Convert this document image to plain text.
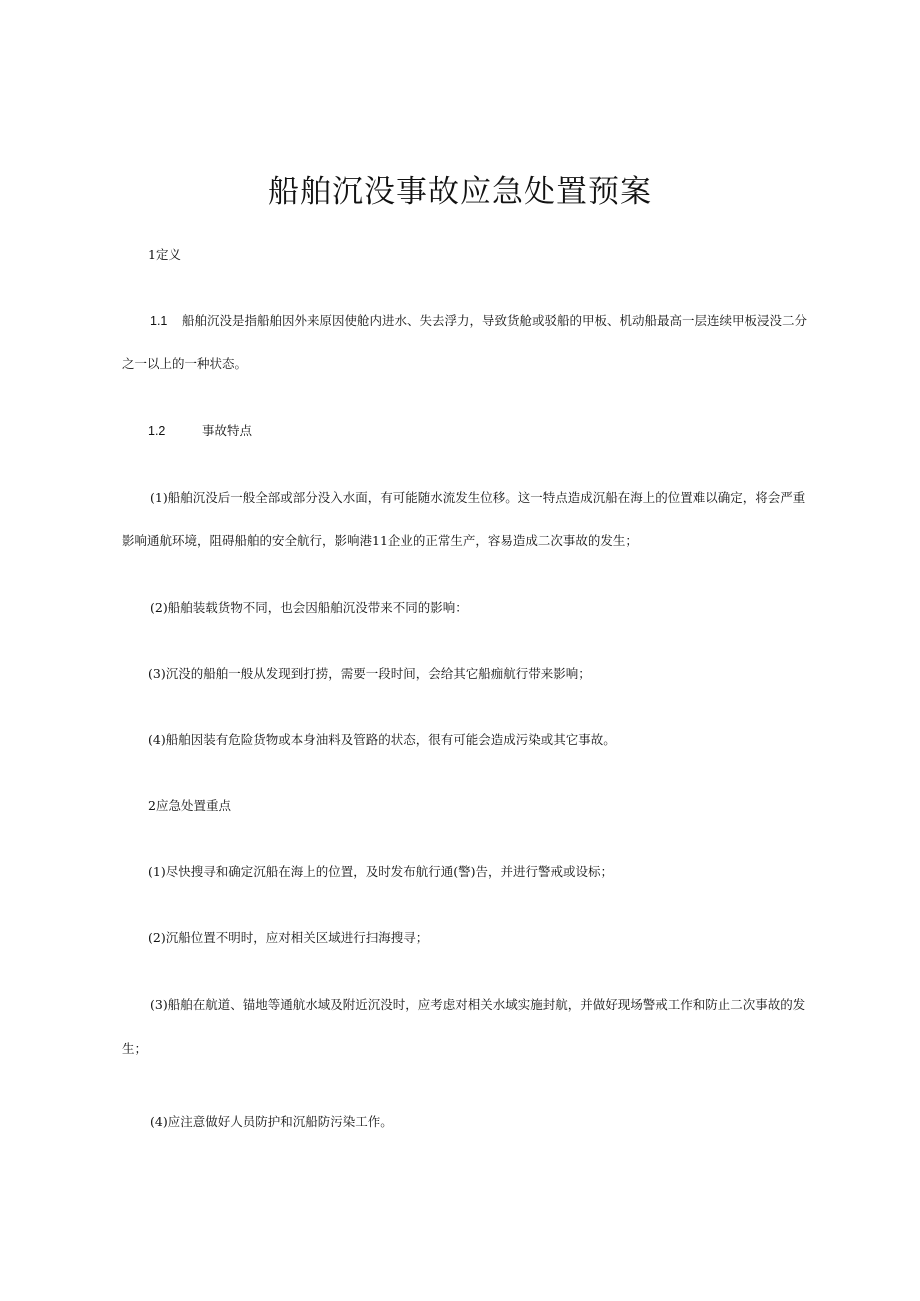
船舶沉没事故应急处置预案

1定义

1.1 船舶沉没是指船舶因外来原因使舱内进水、失去浮力，导致货舱或驳船的甲板、机动船最高一层连续甲板浸没二分

之一以上的一种状态。

1.2	事故特点

(1)船舶沉没后一般全部或部分没入水面，有可能随水流发生位移。这一特点造成沉船在海上的位置难以确定，将会严重

影响通航环境，阻碍船舶的安全航行，影响港11企业的正常生产，容易造成二次事故的发生；

(2)船舶装载货物不同，也会因船舶沉没带来不同的影响：

(3)沉没的船舶一般从发现到打捞，需要一段时间，会给其它船痂航行带来影响；

(4)船舶因装有危险货物或本身油料及管路的状态，很有可能会造成污染或其它事故。

2应急处置重点

(1)尽快搜寻和确定沉船在海上的位置，及时发布航行通(警)告，并进行警戒或设标；

(2)沉船位置不明时，应对相关区域进行扫海搜寻；

(3)船舶在航道、锚地等通航水域及附近沉没时，应考虑对相关水域实施封航，并做好现场警戒工作和防止二次事故的发

生；

(4)应注意做好人员防护和沉船防污染工作。
